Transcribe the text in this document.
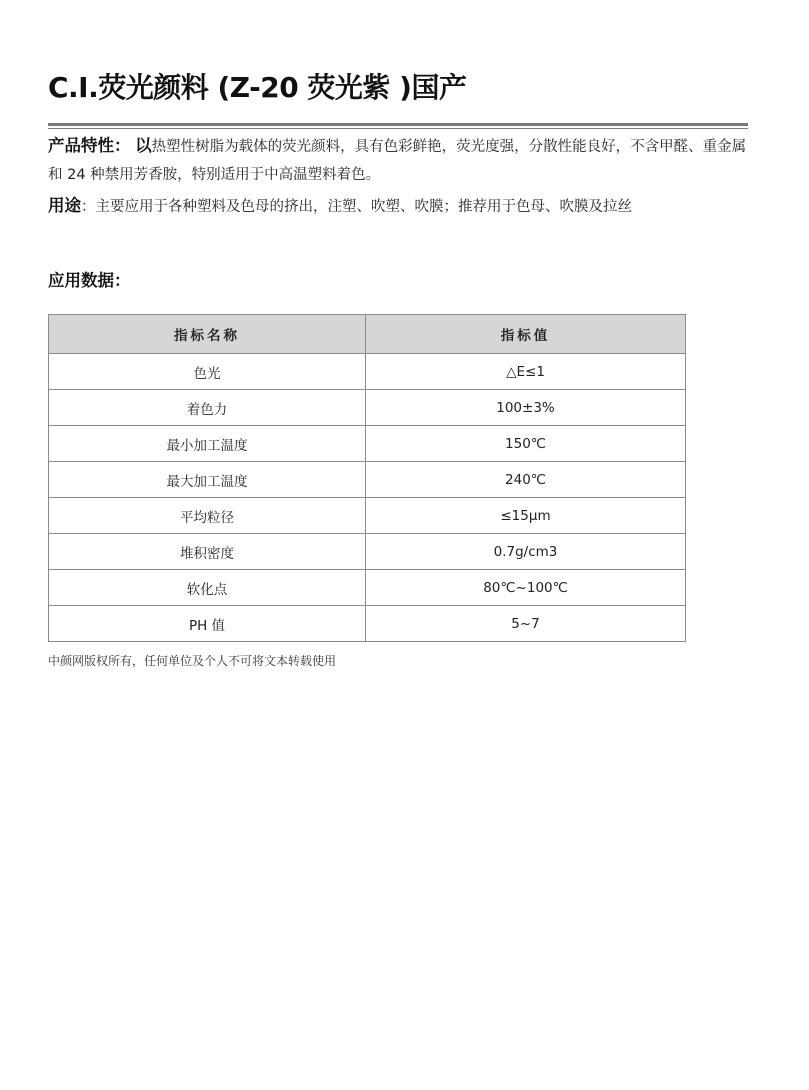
C.I.荧光颜料 (Z-20 荧光紫 )国产
产品特性： 以热塑性树脂为载体的荧光颜料，具有色彩鲜艳，荧光度强，分散性能良好，不含甲醛、重金属和 24 种禁用芳香胺，特别适用于中高温塑料着色。
用途：主要应用于各种塑料及色母的挤出，注塑、吹塑、吹膜；推荐用于色母、吹膜及拉丝
应用数据：
指标名称	指标值
色光	△E≤1
着色力	100±3%
最小加工温度	150℃
最大加工温度	240℃
平均粒径	≤15μm
堆积密度	0.7g/cm3
软化点	80℃~100℃
PH 值	5~7
中颜网版权所有，任何单位及个人不可将文本转载使用
